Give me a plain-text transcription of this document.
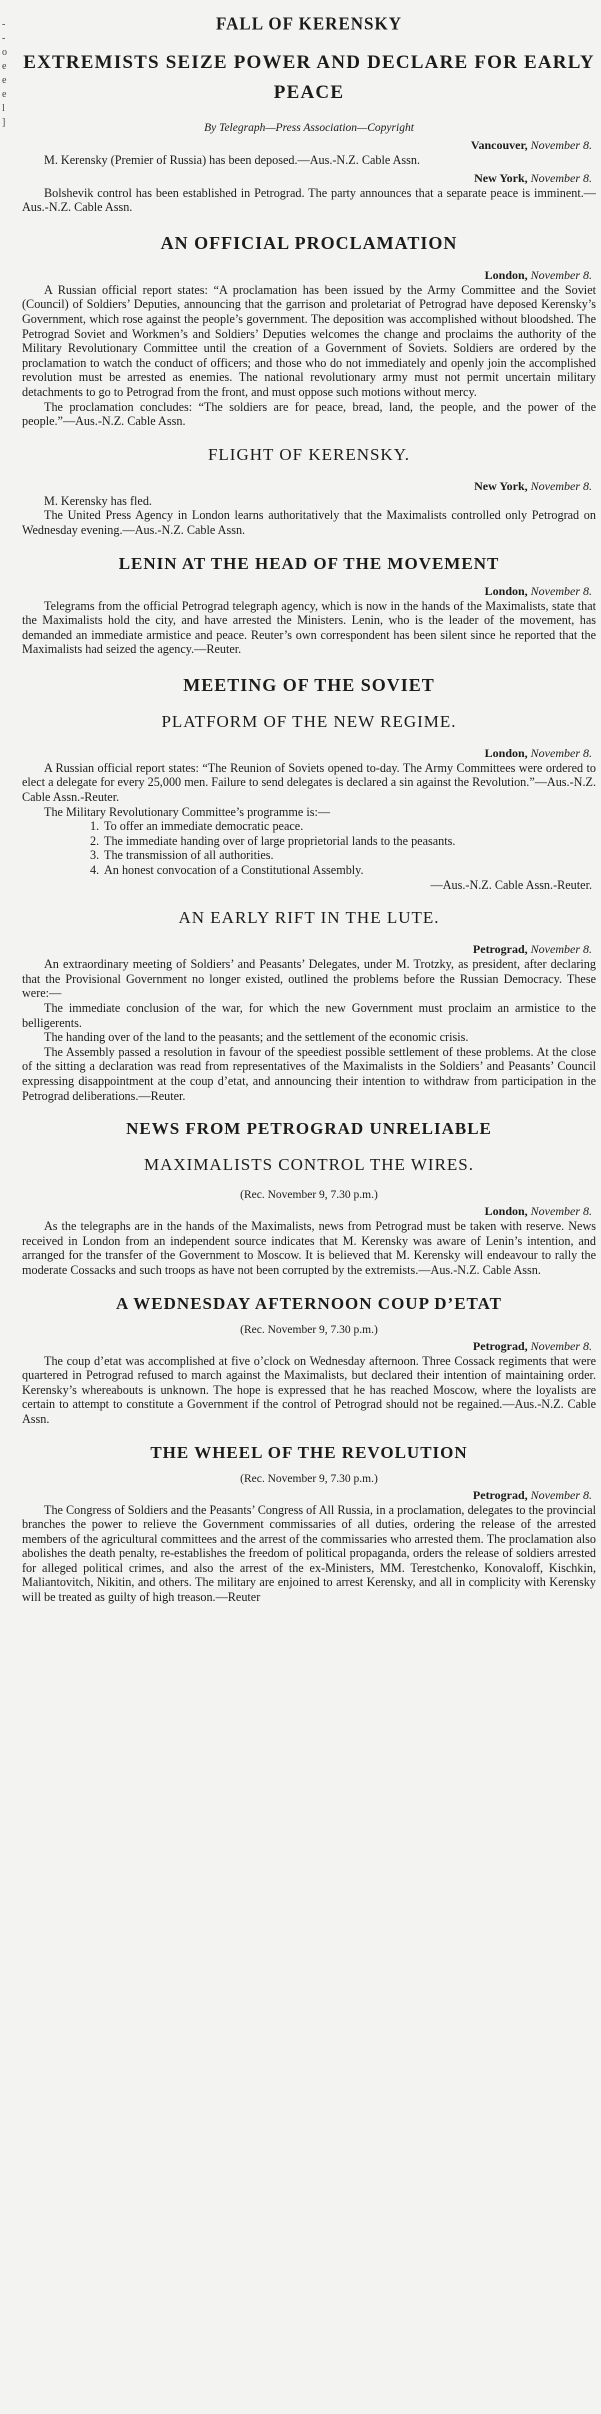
-
-
o
e
e
e
l
]
FALL OF KERENSKY
EXTREMISTS SEIZE POWER AND DECLARE FOR EARLY PEACE
By Telegraph—Press Association—Copyright
Vancouver, November 8.

M. Kerensky (Premier of Russia) has been deposed.—Aus.-N.Z. Cable Assn.

New York, November 8.

Bolshevik control has been established in Petrograd. The party announces that a separate peace is imminent.—Aus.-N.Z. Cable Assn.

AN OFFICIAL PROCLAMATION
London, November 8.

A Russian official report states: “A proclamation has been issued by the Army Committee and the Soviet (Council) of Soldiers’ Deputies, announcing that the garrison and proletariat of Petrograd have deposed Kerensky’s Government, which rose against the people’s government. The deposition was accomplished without bloodshed. The Petrograd Soviet and Workmen’s and Soldiers’ Deputies welcomes the change and proclaims the authority of the Military Revolutionary Committee until the creation of a Government of Soviets. Soldiers are ordered by the proclamation to watch the conduct of officers; and those who do not immediately and openly join the accomplished revolution must be arrested as enemies. The national revolutionary army must not permit uncertain military detachments to go to Petrograd from the front, and must oppose such motions without mercy.

The proclamation concludes: “The soldiers are for peace, bread, land, the people, and the power of the people.”—Aus.-N.Z. Cable Assn.

FLIGHT OF KERENSKY.
New York, November 8.

M. Kerensky has fled.

The United Press Agency in London learns authoritatively that the Maximalists controlled only Petrograd on Wednesday evening.—Aus.-N.Z. Cable Assn.

LENIN AT THE HEAD OF THE MOVEMENT
London, November 8.

Telegrams from the official Petrograd telegraph agency, which is now in the hands of the Maximalists, state that the Maximalists hold the city, and have arrested the Ministers. Lenin, who is the leader of the movement, has demanded an immediate armistice and peace. Reuter’s own correspondent has been silent since he reported that the Maximalists had seized the agency.—Reuter.

MEETING OF THE SOVIET
PLATFORM OF THE NEW REGIME.
London, November 8.

A Russian official report states: “The Reunion of Soviets opened to-day. The Army Committees were ordered to elect a delegate for every 25,000 men. Failure to send delegates is declared a sin against the Revolution.”—Aus.-N.Z. Cable Assn.-Reuter.

The Military Revolutionary Committee’s programme is:—

1. To offer an immediate democratic peace.
2. The immediate handing over of large proprietorial lands to the peasants.
3. The transmission of all authorities.
4. An honest convocation of a Constitutional Assembly.

—Aus.-N.Z. Cable Assn.-Reuter.

AN EARLY RIFT IN THE LUTE.
Petrograd, November 8.

An extraordinary meeting of Soldiers’ and Peasants’ Delegates, under M. Trotzky, as president, after declaring that the Provisional Government no longer existed, outlined the problems before the Russian Democracy. These were:—

The immediate conclusion of the war, for which the new Government must proclaim an armistice to the belligerents.

The handing over of the land to the peasants; and the settlement of the economic crisis.

The Assembly passed a resolution in favour of the speediest possible settlement of these problems. At the close of the sitting a declaration was read from representatives of the Maximalists in the Soldiers’ and Peasants’ Council expressing disappointment at the coup d’etat, and announcing their intention to withdraw from participation in the Petrograd deliberations.—Reuter.

NEWS FROM PETROGRAD UNRELIABLE
MAXIMALISTS CONTROL THE WIRES.
(Rec. November 9, 7.30 p.m.)
London, November 8.

As the telegraphs are in the hands of the Maximalists, news from Petrograd must be taken with reserve. News received in London from an independent source indicates that M. Kerensky was aware of Lenin’s intention, and arranged for the transfer of the Government to Moscow. It is believed that M. Kerensky will endeavour to rally the moderate Cossacks and such troops as have not been corrupted by the extremists.—Aus.-N.Z. Cable Assn.

A WEDNESDAY AFTERNOON COUP D’ETAT
(Rec. November 9, 7.30 p.m.)
Petrograd, November 8.

The coup d’etat was accomplished at five o’clock on Wednesday afternoon. Three Cossack regiments that were quartered in Petrograd refused to march against the Maximalists, but declared their intention of maintaining order. Kerensky’s whereabouts is unknown. The hope is expressed that he has reached Moscow, where the loyalists are certain to attempt to constitute a Government if the control of Petrograd should not be regained.—Aus.-N.Z. Cable Assn.

THE WHEEL OF THE REVOLUTION
(Rec. November 9, 7.30 p.m.)
Petrograd, November 8.

The Congress of Soldiers and the Peasants’ Congress of All Russia, in a proclamation, delegates to the provincial branches the power to relieve the Government commissaries of all duties, ordering the release of the arrested members of the agricultural committees and the arrest of the commissaries who arrested them. The proclamation also abolishes the death penalty, re-establishes the freedom of political propaganda, orders the release of soldiers arrested for alleged political crimes, and also the arrest of the ex-Ministers, MM. Terestchenko, Konovaloff, Kischkin, Maliantovitch, Nikitin, and others. The military are enjoined to arrest Kerensky, and all in complicity with Kerensky will be treated as guilty of high treason.—Reuter
